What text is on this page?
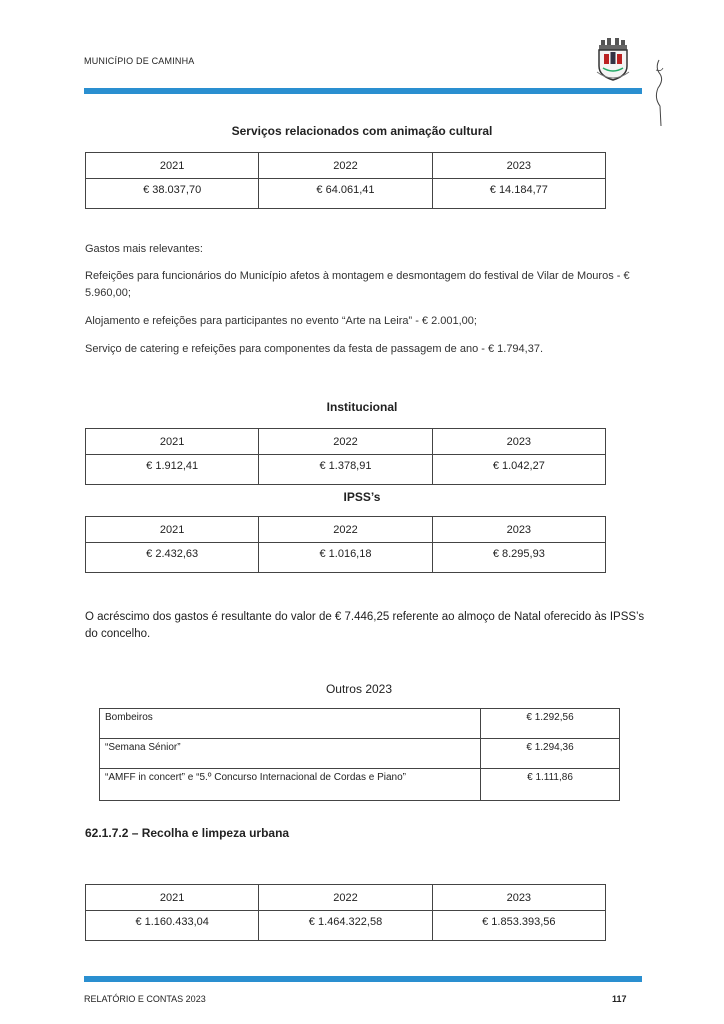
MUNICÍPIO DE CAMINHA
Serviços relacionados com animação cultural
2021	2022	2023
€ 38.037,70	€ 64.061,41	€ 14.184,77
Gastos mais relevantes:
Refeições para funcionários do Município afetos à montagem e desmontagem do festival de Vilar de Mouros - € 5.960,00;
Alojamento e refeições para participantes no evento “Arte na Leira” - € 2.001,00;
Serviço de catering e refeições para componentes da festa de passagem de ano - € 1.794,37.
Institucional
2021	2022	2023
€ 1.912,41	€ 1.378,91	€ 1.042,27
IPSS’s
2021	2022	2023
€ 2.432,63	€ 1.016,18	€ 8.295,93
O acréscimo dos gastos é resultante do valor de € 7.446,25 referente ao almoço de Natal oferecido às IPSS’s do concelho.
Outros 2023
Bombeiros	€ 1.292,56
“Semana Sénior”	€ 1.294,36
“AMFF in concert” e “5.º Concurso Internacional de Cordas e Piano”	€ 1.111,86
62.1.7.2 – Recolha e limpeza urbana
2021	2022	2023
€ 1.160.433,04	€ 1.464.322,58	€ 1.853.393,56
RELATÓRIO E CONTAS 2023	117
